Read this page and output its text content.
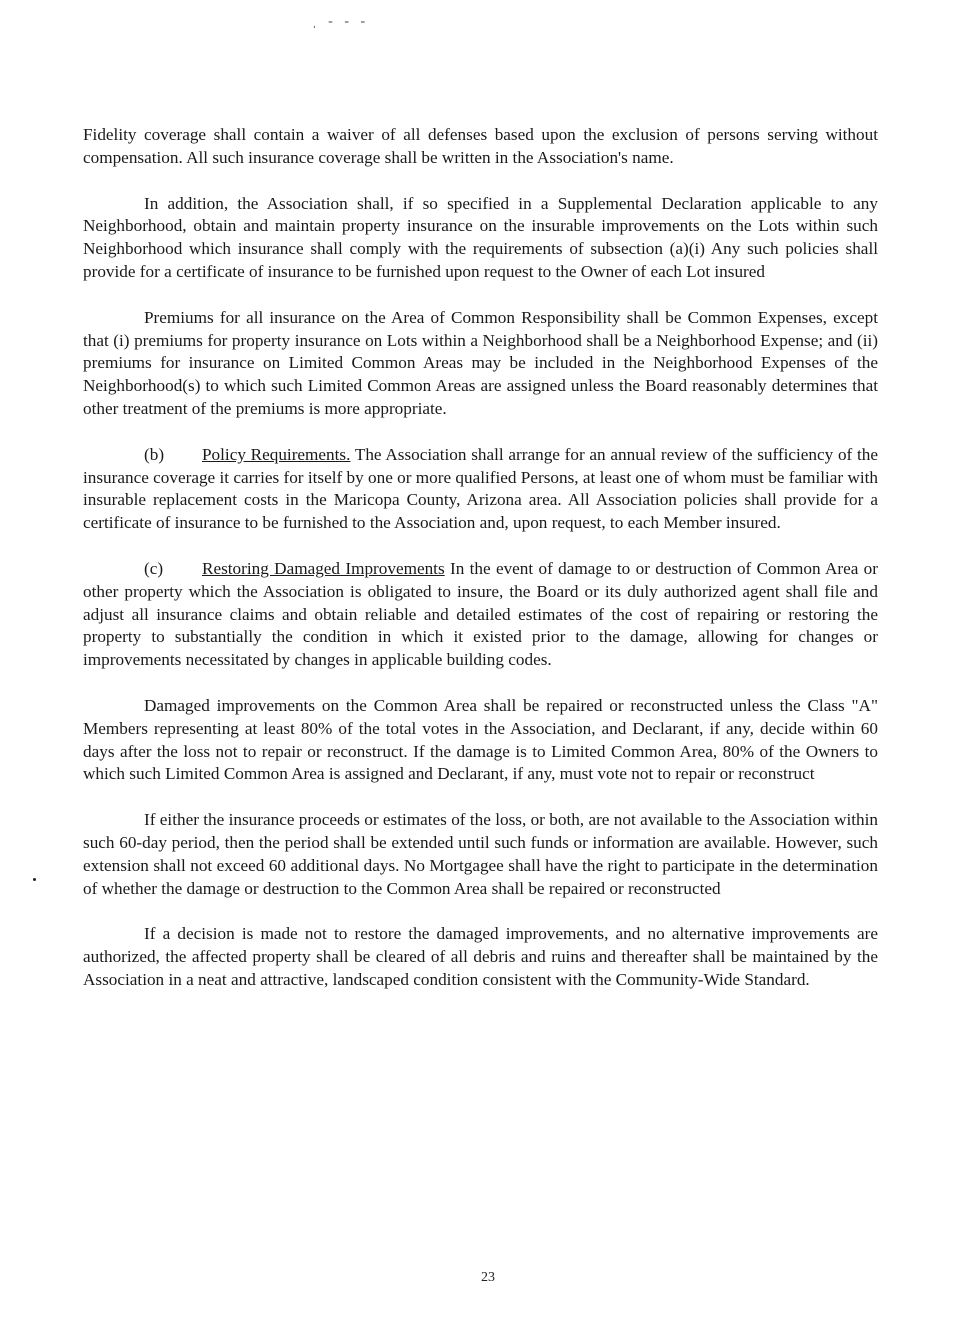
ˌ - - -

Fidelity coverage shall contain a waiver of all defenses based upon the exclusion of persons serving without compensation. All such insurance coverage shall be written in the Association's name.

In addition, the Association shall, if so specified in a Supplemental Declaration applicable to any Neighborhood, obtain and maintain property insurance on the insurable improvements on the Lots within such Neighborhood which insurance shall comply with the requirements of subsection (a)(i) Any such policies shall provide for a certificate of insurance to be furnished upon request to the Owner of each Lot insured

Premiums for all insurance on the Area of Common Responsibility shall be Common Expenses, except that (i) premiums for property insurance on Lots within a Neighborhood shall be a Neighborhood Expense; and (ii) premiums for insurance on Limited Common Areas may be included in the Neighborhood Expenses of the Neighborhood(s) to which such Limited Common Areas are assigned unless the Board reasonably determines that other treatment of the premiums is more appropriate.

(b) Policy Requirements. The Association shall arrange for an annual review of the sufficiency of the insurance coverage it carries for itself by one or more qualified Persons, at least one of whom must be familiar with insurable replacement costs in the Maricopa County, Arizona area. All Association policies shall provide for a certificate of insurance to be furnished to the Association and, upon request, to each Member insured.

(c) Restoring Damaged Improvements In the event of damage to or destruction of Common Area or other property which the Association is obligated to insure, the Board or its duly authorized agent shall file and adjust all insurance claims and obtain reliable and detailed estimates of the cost of repairing or restoring the property to substantially the condition in which it existed prior to the damage, allowing for changes or improvements necessitated by changes in applicable building codes.

Damaged improvements on the Common Area shall be repaired or reconstructed unless the Class "A" Members representing at least 80% of the total votes in the Association, and Declarant, if any, decide within 60 days after the loss not to repair or reconstruct. If the damage is to Limited Common Area, 80% of the Owners to which such Limited Common Area is assigned and Declarant, if any, must vote not to repair or reconstruct

If either the insurance proceeds or estimates of the loss, or both, are not available to the Association within such 60-day period, then the period shall be extended until such funds or information are available. However, such extension shall not exceed 60 additional days. No Mortgagee shall have the right to participate in the determination of whether the damage or destruction to the Common Area shall be repaired or reconstructed

If a decision is made not to restore the damaged improvements, and no alternative improvements are authorized, the affected property shall be cleared of all debris and ruins and thereafter shall be maintained by the Association in a neat and attractive, landscaped condition consistent with the Community-Wide Standard.

23
